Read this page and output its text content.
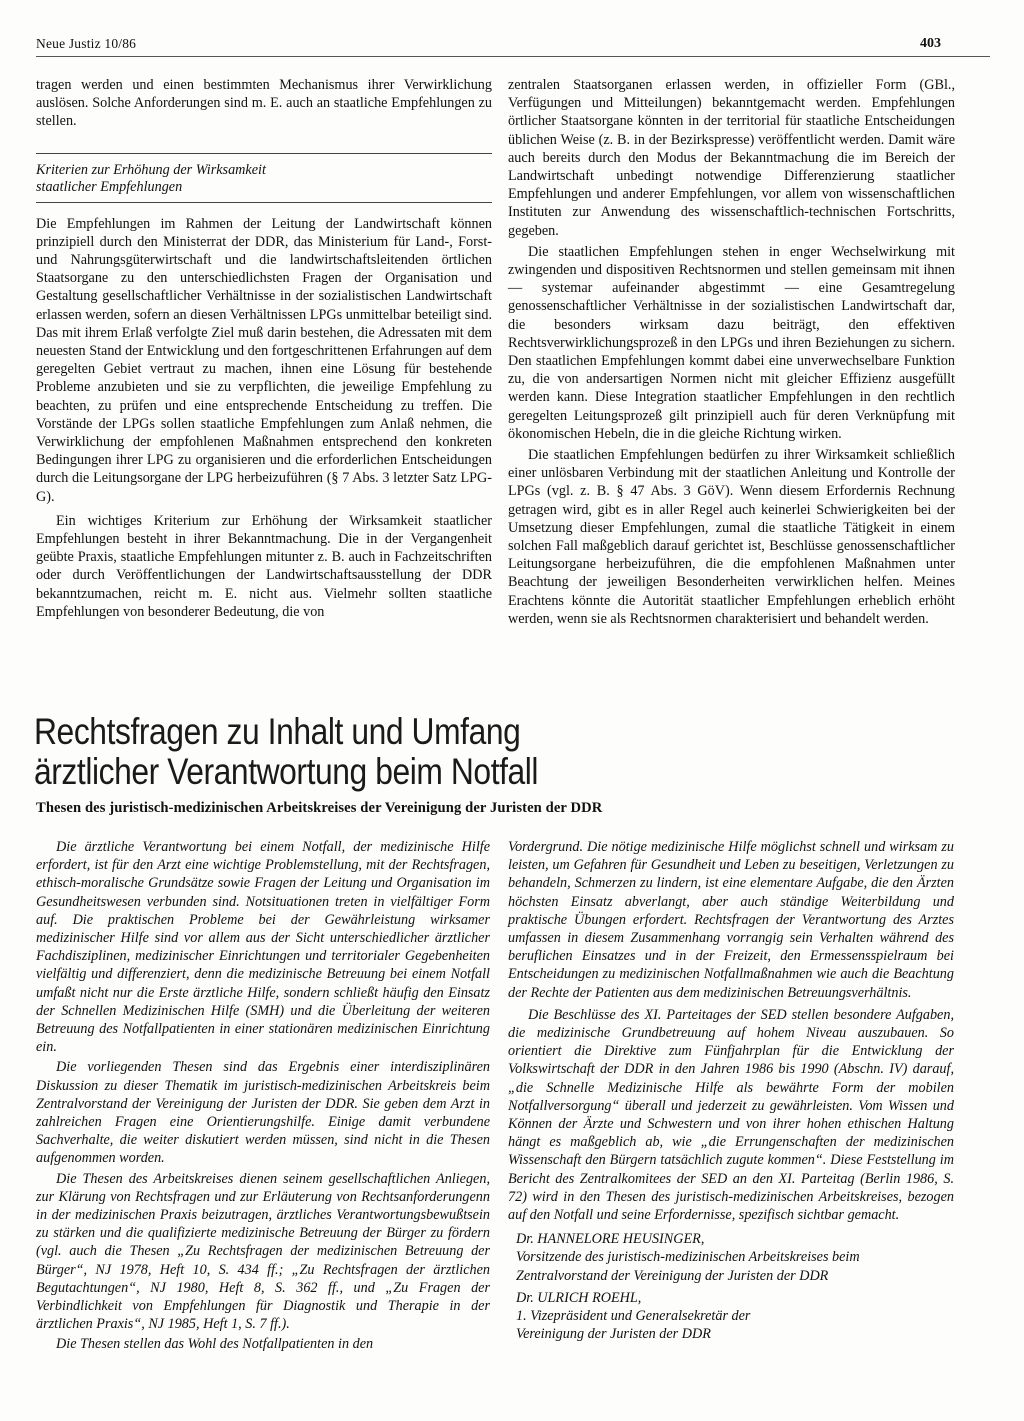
Neue Justiz 10/86	403

tragen werden und einen bestimmten Mechanismus ihrer Verwirklichung auslösen. Solche Anforderungen sind m. E. auch an staatliche Empfehlungen zu stellen.

Kriterien zur Erhöhung der Wirksamkeit

staatlicher Empfehlungen

Die Empfehlungen im Rahmen der Leitung der Landwirtschaft können prinzipiell durch den Ministerrat der DDR, das Ministerium für Land-, Forst- und Nahrungsgüterwirtschaft und die landwirtschaftsleitenden örtlichen Staatsorgane zu den unterschiedlichsten Fragen der Organisation und Gestaltung gesellschaftlicher Verhältnisse in der sozialistischen Landwirtschaft erlassen werden, sofern an diesen Verhältnissen LPGs unmittelbar beteiligt sind. Das mit ihrem Erlaß verfolgte Ziel muß darin bestehen, die Adressaten mit dem neuesten Stand der Entwicklung und den fortgeschrittenen Erfahrungen auf dem geregelten Gebiet vertraut zu machen, ihnen eine Lösung für bestehende Probleme anzubieten und sie zu verpflichten, die jeweilige Empfehlung zu beachten, zu prüfen und eine entsprechende Entscheidung zu treffen. Die Vorstände der LPGs sollen staatliche Empfehlungen zum Anlaß nehmen, die Verwirklichung der empfohlenen Maßnahmen entsprechend den konkreten Bedingungen ihrer LPG zu organisieren und die erforderlichen Entscheidungen durch die Leitungsorgane der LPG herbeizuführen (§ 7 Abs. 3 letzter Satz LPG-G).

Ein wichtiges Kriterium zur Erhöhung der Wirksamkeit staatlicher Empfehlungen besteht in ihrer Bekanntmachung. Die in der Vergangenheit geübte Praxis, staatliche Empfehlungen mitunter z. B. auch in Fachzeitschriften oder durch Veröffentlichungen der Landwirtschaftsausstellung der DDR bekanntzumachen, reicht m. E. nicht aus. Vielmehr sollten staatliche Empfehlungen von besonderer Bedeutung, die von

zentralen Staatsorganen erlassen werden, in offizieller Form (GBl., Verfügungen und Mitteilungen) bekanntgemacht werden. Empfehlungen örtlicher Staatsorgane könnten in der territorial für staatliche Entscheidungen üblichen Weise (z. B. in der Bezirkspresse) veröffentlicht werden. Damit wäre auch bereits durch den Modus der Bekanntmachung die im Bereich der Landwirtschaft unbedingt notwendige Differenzierung staatlicher Empfehlungen und anderer Empfehlungen, vor allem von wissenschaftlichen Instituten zur Anwendung des wissenschaftlich-technischen Fortschritts, gegeben.

Die staatlichen Empfehlungen stehen in enger Wechselwirkung mit zwingenden und dispositiven Rechtsnormen und stellen gemeinsam mit ihnen — systemar aufeinander abgestimmt — eine Gesamtregelung genossenschaftlicher Verhältnisse in der sozialistischen Landwirtschaft dar, die besonders wirksam dazu beiträgt, den effektiven Rechtsverwirklichungsprozeß in den LPGs und ihren Beziehungen zu sichern. Den staatlichen Empfehlungen kommt dabei eine unverwechselbare Funktion zu, die von andersartigen Normen nicht mit gleicher Effizienz ausgefüllt werden kann. Diese Integration staatlicher Empfehlungen in den rechtlich geregelten Leitungsprozeß gilt prinzipiell auch für deren Verknüpfung mit ökonomischen Hebeln, die in die gleiche Richtung wirken.

Die staatlichen Empfehlungen bedürfen zu ihrer Wirksamkeit schließlich einer unlösbaren Verbindung mit der staatlichen Anleitung und Kontrolle der LPGs (vgl. z. B. § 47 Abs. 3 GöV). Wenn diesem Erfordernis Rechnung getragen wird, gibt es in aller Regel auch keinerlei Schwierigkeiten bei der Umsetzung dieser Empfehlungen, zumal die staatliche Tätigkeit in einem solchen Fall maßgeblich darauf gerichtet ist, Beschlüsse genossenschaftlicher Leitungsorgane herbeizuführen, die die empfohlenen Maßnahmen unter Beachtung der jeweiligen Besonderheiten verwirklichen helfen. Meines Erachtens könnte die Autorität staatlicher Empfehlungen erheblich erhöht werden, wenn sie als Rechtsnormen charakterisiert und behandelt werden.

Rechtsfragen zu Inhalt und Umfang
ärztlicher Verantwortung beim Notfall
Thesen des juristisch-medizinischen Arbeitskreises der Vereinigung der Juristen der DDR

Die ärztliche Verantwortung bei einem Notfall, der medizinische Hilfe erfordert, ist für den Arzt eine wichtige Problemstellung, mit der Rechtsfragen, ethisch-moralische Grundsätze sowie Fragen der Leitung und Organisation im Gesundheitswesen verbunden sind. Notsituationen treten in vielfältiger Form auf. Die praktischen Probleme bei der Gewährleistung wirksamer medizinischer Hilfe sind vor allem aus der Sicht unterschiedlicher ärztlicher Fachdisziplinen, medizinischer Einrichtungen und territorialer Gegebenheiten vielfältig und differenziert, denn die medizinische Betreuung bei einem Notfall umfaßt nicht nur die Erste ärztliche Hilfe, sondern schließt häufig den Einsatz der Schnellen Medizinischen Hilfe (SMH) und die Überleitung der weiteren Betreuung des Notfallpatienten in einer stationären medizinischen Einrichtung ein.

Die vorliegenden Thesen sind das Ergebnis einer interdisziplinären Diskussion zu dieser Thematik im juristisch-medizinischen Arbeitskreis beim Zentralvorstand der Vereinigung der Juristen der DDR. Sie geben dem Arzt in zahlreichen Fragen eine Orientierungshilfe. Einige damit verbundene Sachverhalte, die weiter diskutiert werden müssen, sind nicht in die Thesen aufgenommen worden.

Die Thesen des Arbeitskreises dienen seinem gesellschaftlichen Anliegen, zur Klärung von Rechtsfragen und zur Erläuterung von Rechtsanforderungenn in der medizinischen Praxis beizutragen, ärztliches Verantwortungsbewußtsein zu stärken und die qualifizierte medizinische Betreuung der Bürger zu fördern (vgl. auch die Thesen „Zu Rechtsfragen der medizinischen Betreuung der Bürger“, NJ 1978, Heft 10, S. 434 ff.; „Zu Rechtsfragen der ärztlichen Begutachtungen“, NJ 1980, Heft 8, S. 362 ff., und „Zu Fragen der Verbindlichkeit von Empfehlungen für Diagnostik und Therapie in der ärztlichen Praxis“, NJ 1985, Heft 1, S. 7 ff.).

Die Thesen stellen das Wohl des Notfallpatienten in den

Vordergrund. Die nötige medizinische Hilfe möglichst schnell und wirksam zu leisten, um Gefahren für Gesundheit und Leben zu beseitigen, Verletzungen zu behandeln, Schmerzen zu lindern, ist eine elementare Aufgabe, die den Ärzten höchsten Einsatz abverlangt, aber auch ständige Weiterbildung und praktische Übungen erfordert. Rechtsfragen der Verantwortung des Arztes umfassen in diesem Zusammenhang vorrangig sein Verhalten während des beruflichen Einsatzes und in der Freizeit, den Ermessensspielraum bei Entscheidungen zu medizinischen Notfallmaßnahmen wie auch die Beachtung der Rechte der Patienten aus dem medizinischen Betreuungsverhältnis.

Die Beschlüsse des XI. Parteitages der SED stellen besondere Aufgaben, die medizinische Grundbetreuung auf hohem Niveau auszubauen. So orientiert die Direktive zum Fünfjahrplan für die Entwicklung der Volkswirtschaft der DDR in den Jahren 1986 bis 1990 (Abschn. IV) darauf, „die Schnelle Medizinische Hilfe als bewährte Form der mobilen Notfallversorgung“ überall und jederzeit zu gewährleisten. Vom Wissen und Können der Ärzte und Schwestern und von ihrer hohen ethischen Haltung hängt es maßgeblich ab, wie „die Errungenschaften der medizinischen Wissenschaft den Bürgern tatsächlich zugute kommen“. Diese Feststellung im Bericht des Zentralkomitees der SED an den XI. Parteitag (Berlin 1986, S. 72) wird in den Thesen des juristisch-medizinischen Arbeitskreises, bezogen auf den Notfall und seine Erfordernisse, spezifisch sichtbar gemacht.

Dr. HANNELORE HEUSINGER,

Vorsitzende des juristisch-medizinischen Arbeitskreises beim Zentralvorstand der Vereinigung der Juristen der DDR

Dr. ULRICH ROEHL,

1. Vizepräsident und Generalsekretär der Vereinigung der Juristen der DDR
